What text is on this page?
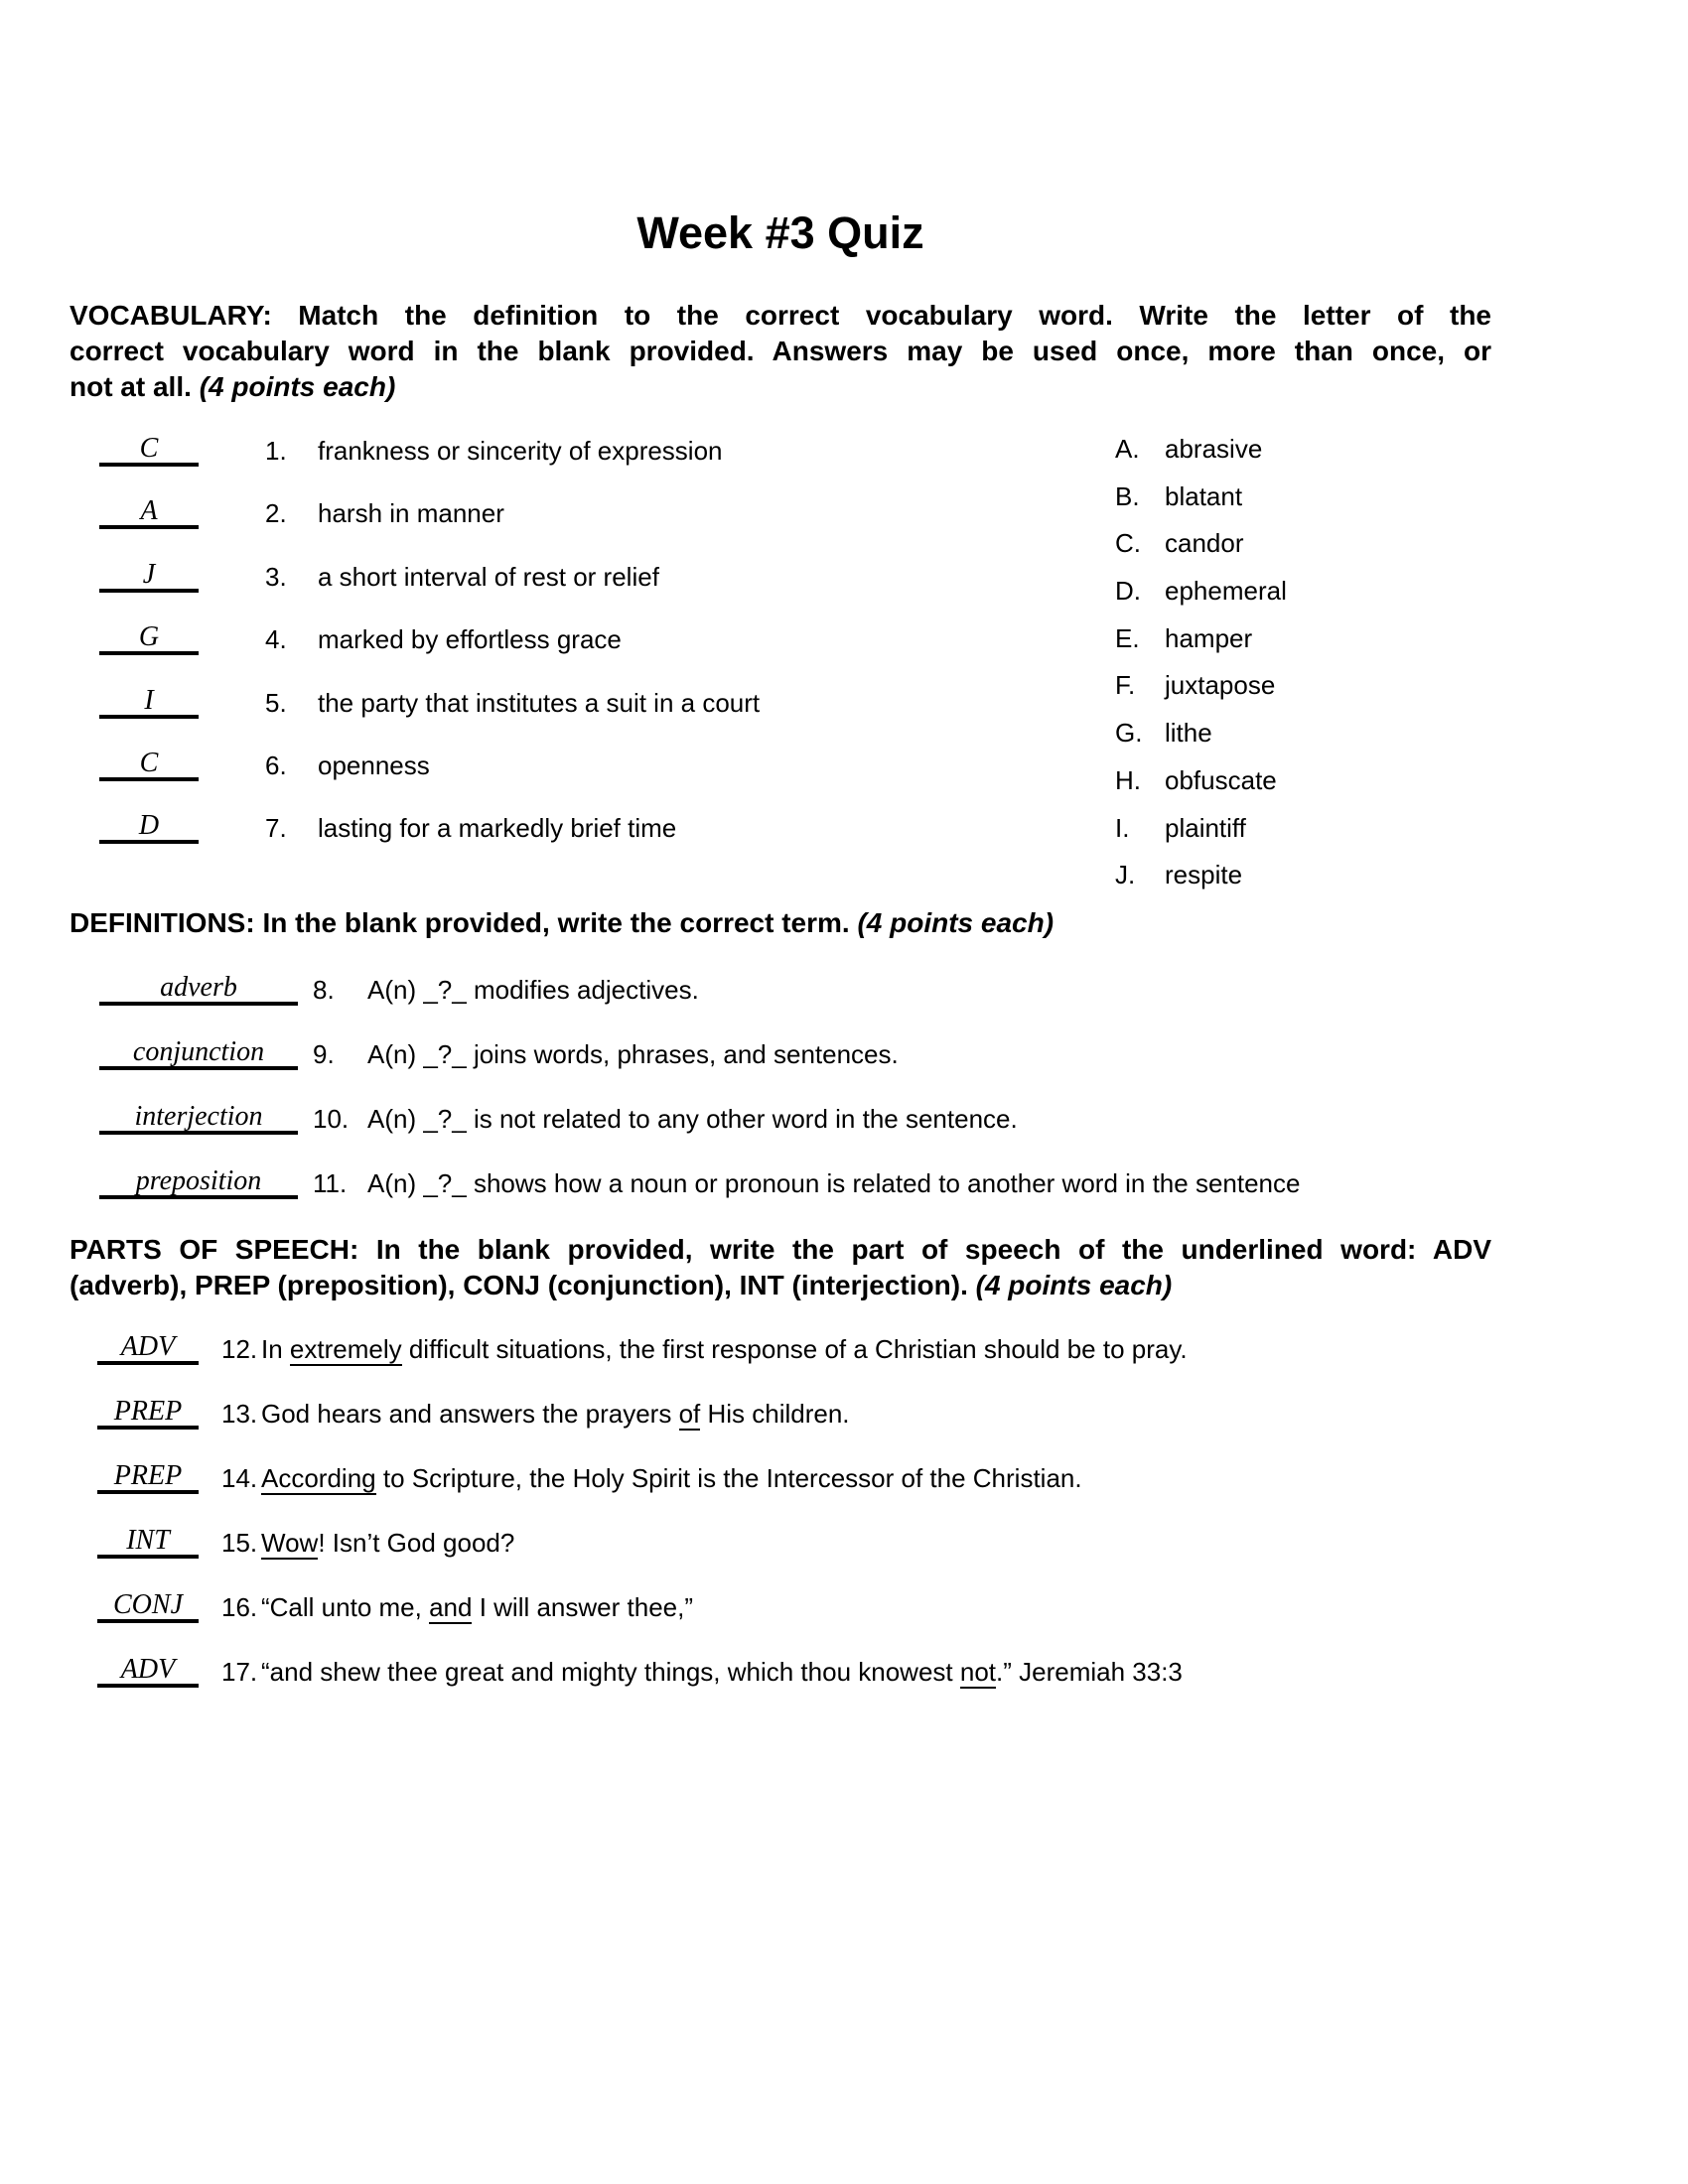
Week #3 Quiz
VOCABULARY: Match the definition to the correct vocabulary word. Write the letter of the
correct vocabulary word in the blank provided. Answers may be used once, more than once, or
not at all. (4 points each)
C	1. frankness or sincerity of expression
A	2. harsh in manner
J	3. a short interval of rest or relief
G	4. marked by effortless grace
I	5. the party that institutes a suit in a court
C	6. openness
D	7. lasting for a markedly brief time
A. abrasive
B. blatant
C. candor
D. ephemeral
E. hamper
F. juxtapose
G. lithe
H. obfuscate
I. plaintiff
J. respite
DEFINITIONS: In the blank provided, write the correct term. (4 points each)
adverb	8. A(n) _?_ modifies adjectives.
conjunction	9. A(n) _?_ joins words, phrases, and sentences.
interjection	10. A(n) _?_ is not related to any other word in the sentence.
preposition	11. A(n) _?_ shows how a noun or pronoun is related to another word in the sentence
PARTS OF SPEECH: In the blank provided, write the part of speech of the underlined word: ADV
(adverb), PREP (preposition), CONJ (conjunction), INT (interjection). (4 points each)
ADV	12. In extremely difficult situations, the first response of a Christian should be to pray.
PREP	13. God hears and answers the prayers of His children.
PREP	14. According to Scripture, the Holy Spirit is the Intercessor of the Christian.
INT	15. Wow! Isn’t God good?
CONJ	16. “Call unto me, and I will answer thee,”
ADV	17. “and shew thee great and mighty things, which thou knowest not.” Jeremiah 33:3
